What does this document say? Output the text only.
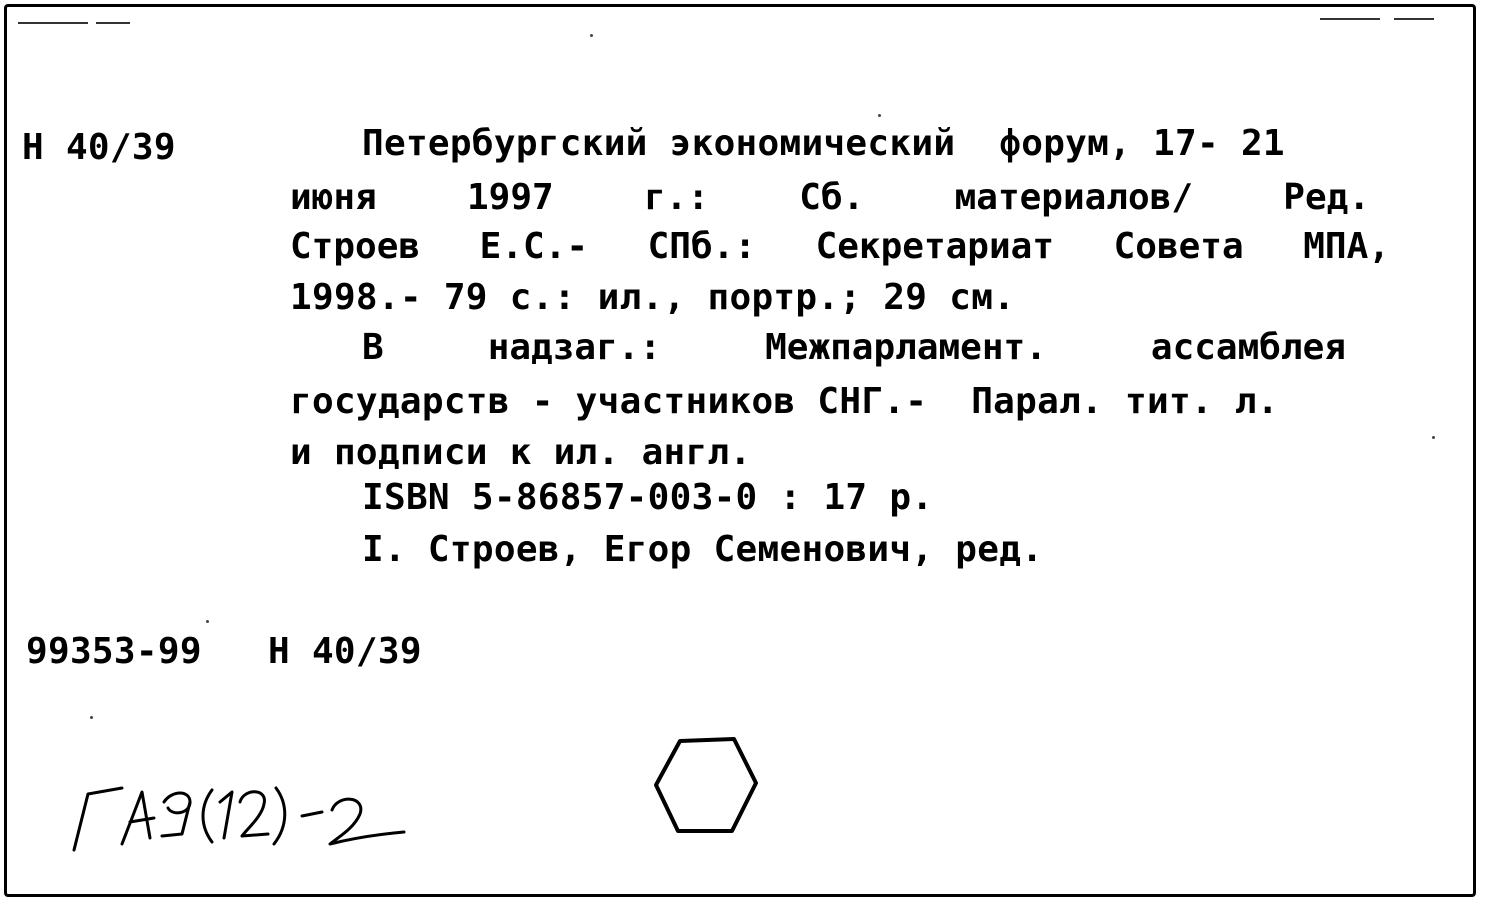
Н 40/39	Петербургский экономический  форум, 17- 21
июня	1997	г.:	Сб.	материалов/	Ред.
Строев Е.С.- СПб.: Секретариат Совета МПА,
1998.- 79 с.: ил., портр.; 29 см.
В	надзаг.:	Межпарламент.	ассамблея
государств - участников СНГ.-  Парал. тит. л.
и подписи к ил. англ.
ISBN 5-86857-003-0 : 17 р.
I. Строев, Егор Семенович, ред.
99353-99 Н 40/39
